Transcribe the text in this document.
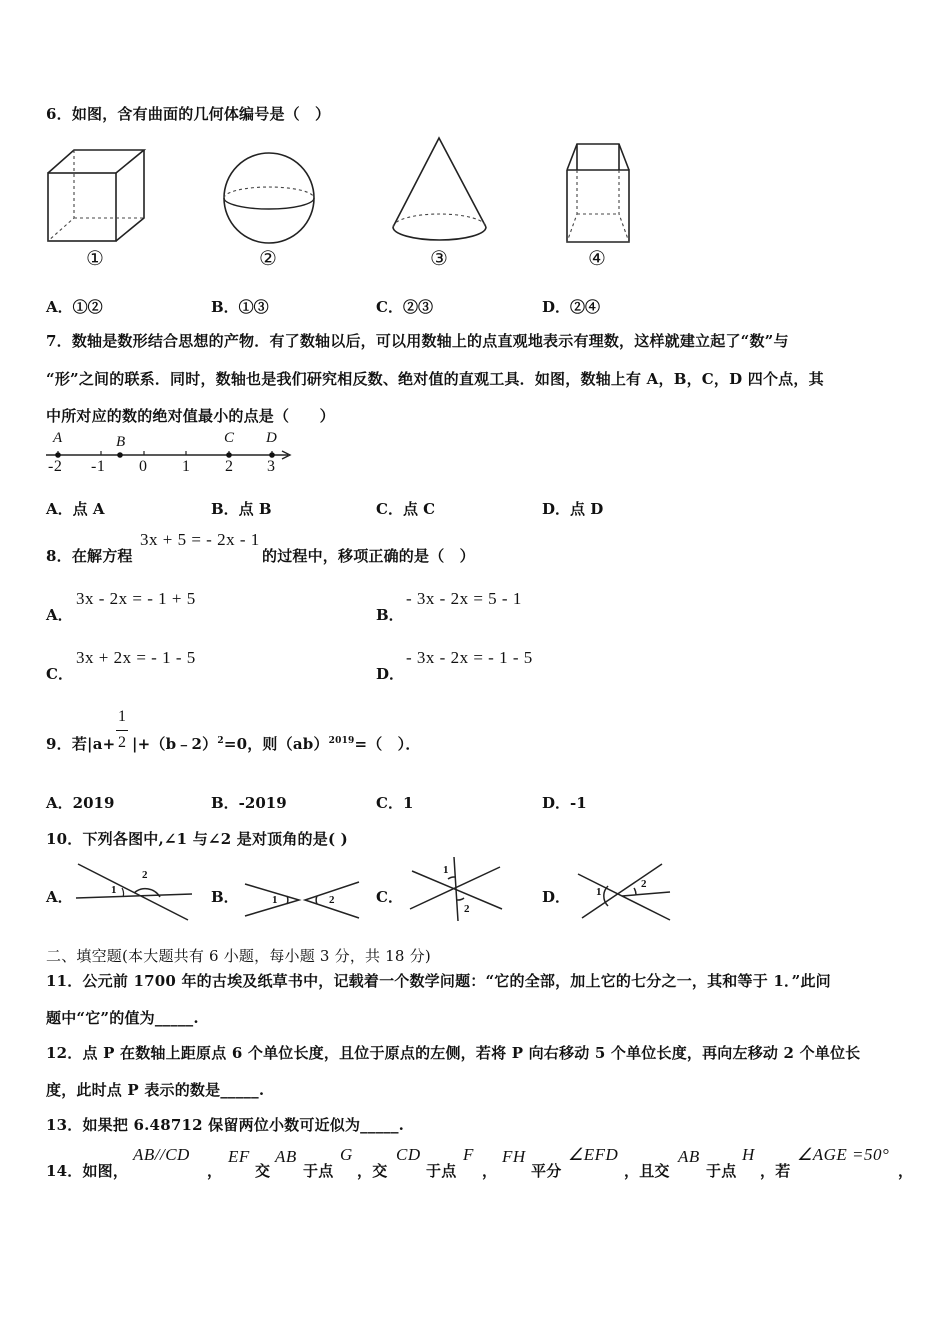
6．如图，含有曲面的几何体编号是（　）
①	②	③	④
A．①②	B．①③	C．②③	D．②④
7．数轴是数形结合思想的产物．有了数轴以后，可以用数轴上的点直观地表示有理数，这样就建立起了“数”与
“形”之间的联系．同时，数轴也是我们研究相反数、绝对值的直观工具．如图，数轴上有 A，B，C，D 四个点，其
中所对应的数的绝对值最小的点是（　　）
A	B	C D
-2 -1 0 1 2 3
A．点 A	B．点 B	C．点 C	D．点 D
8．在解方程
3x + 5 = - 2x - 1
的过程中，移项正确的是（　）
A．
3x - 2x = - 1 + 5
B．
- 3x - 2x = 5 - 1
C．
3x + 2x = - 1 - 5
D．
- 3x - 2x = - 1 - 5
9．若|a+
1
2 |+（b﹣2）$^2$=0，则（ab）$^{2019}$=（　）．
A．2019	B．-2019	C．1	D．-1
10．下列各图中,∠1 与∠2 是对顶角的是( )
A．	1
2
B．	1	2	C．
1
2
D． 1
2
二、填空题(本大题共有 6 小题，每小题 3 分，共 18 分)
11．公元前 1700 年的古埃及纸草书中，记载着一个数学问题：“它的全部，加上它的七分之一，其和等于 1．”此问
题中“它”的值为_____.
12．点 P 在数轴上距原点 6 个单位长度，且位于原点的左侧，若将 P 向右移动 5 个单位长度，再向左移动 2 个单位长
度，此时点 P 表示的数是_____.
13．如果把 6.48712 保留两位小数可近似为_____.
14．如图，
AB//CD
，
EF
交
AB
于点
G
，交
CD
于点
F
，
FH
平分
∠EFD
，且交
AB
于点
H
，若
∠AGE =50°
，
